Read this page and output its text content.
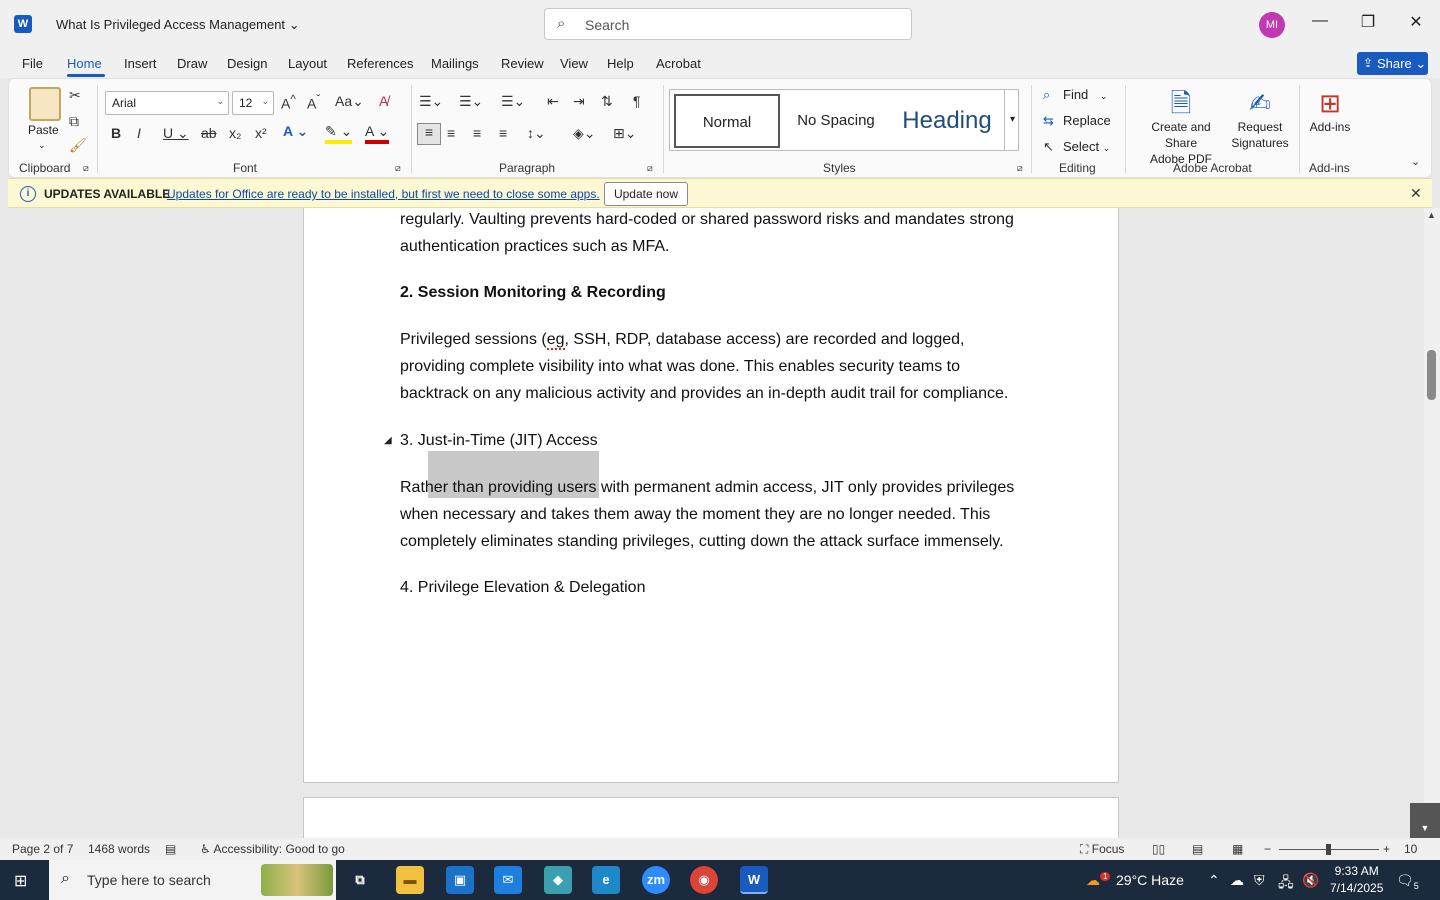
W What Is Privileged Access Management ⌄	⌕ Search	MI	—	❐	✕
File Home Insert Draw Design Layout References Mailings Review View Help Acrobat	⇪ Share ⌄
Paste
⌄
✂
⧉
🖌
Clipboard ⧄
Arial	⌄	12 ⌄ A^ $A^ˇ$ Aa⌄ A̸
B I U ⌄ ab x₂ x² A ⌄ ✎ ⌄ A ⌄
Font	⧄
☰⌄ ☰⌄ ☰⌄ ⇤ ⇥ ⇅ ¶
≡ ≡ ≡ ≡ ↕⌄ ◈⌄ ⊞⌄
Paragraph	⧄
Normal	No Spacing	Heading	▾
Styles	⧄
⌕ Find ⌄
⇆ Replace
↖ Select ⌄
Editing
🗎
Create and Share
Adobe PDF
✍
Request
Signatures
Adobe Acrobat
⊞
Add-ins
Add-ins	⌄
i	UPDATES AVAILABLE
Updates for Office are ready to be installed, but first we need to close some apps.	Update now	✕
regularly. Vaulting prevents hard-coded or shared password risks and mandates strong authentication practices such as MFA.
2. Session Monitoring & Recording
Privileged sessions (eg, SSH, RDP, database access) are recorded and logged, providing complete visibility into what was done. This enables security teams to backtrack on any malicious activity and provides an in-depth audit trail for compliance.
◢ 3. Just-in-Time (JIT) Access
Rather than providing users with permanent admin access, JIT only provides privileges when necessary and takes them away the moment they are no longer needed. This completely eliminates standing privileges, cutting down the attack surface immensely.
4. Privilege Elevation & Delegation
▲
▼
Page 2 of 7 1468 words ▤ ♿ Accessibility: Good to go	⛶ Focus ▯▯ ▤ ▦ −	+ 10
⊞ ⌕ Type here to search	⧉	▬	▣	✉	◆	e	zm	◉	W	☁ $^1$ 29°C Haze ⌃ ☁ ⛨ 🖧 🔇
9:33 AM
7/14/2025 $🗨_5$
